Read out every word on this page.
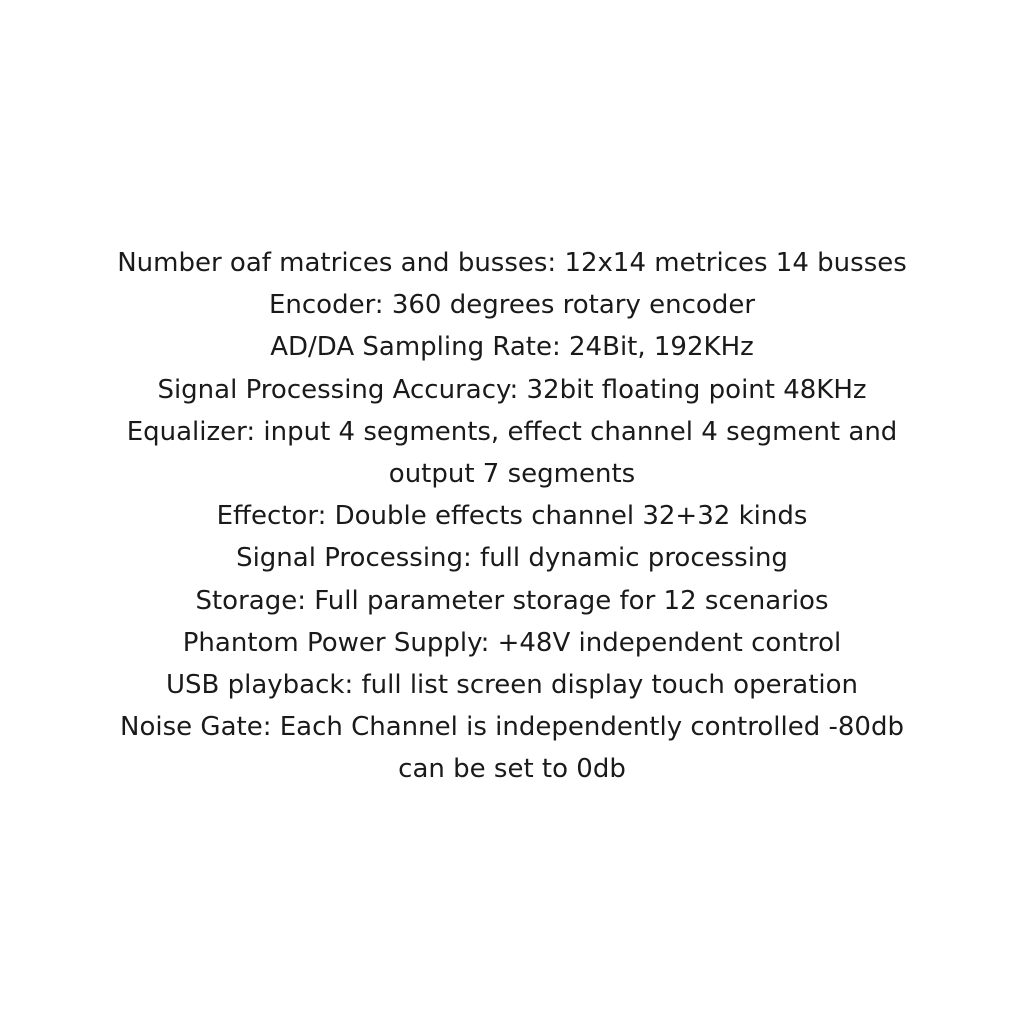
Number oaf matrices and busses: 12x14 metrices 14 busses
Encoder: 360 degrees rotary encoder
AD/DA Sampling Rate: 24Bit, 192KHz
Signal Processing Accuracy: 32bit floating point 48KHz
Equalizer: input 4 segments, effect channel 4 segment and
output 7 segments
Effector: Double effects channel 32+32 kinds
Signal Processing: full dynamic processing
Storage: Full parameter storage for 12 scenarios
Phantom Power Supply: +48V independent control
USB playback: full list screen display touch operation
Noise Gate: Each Channel is independently controlled -80db
can be set to 0db
